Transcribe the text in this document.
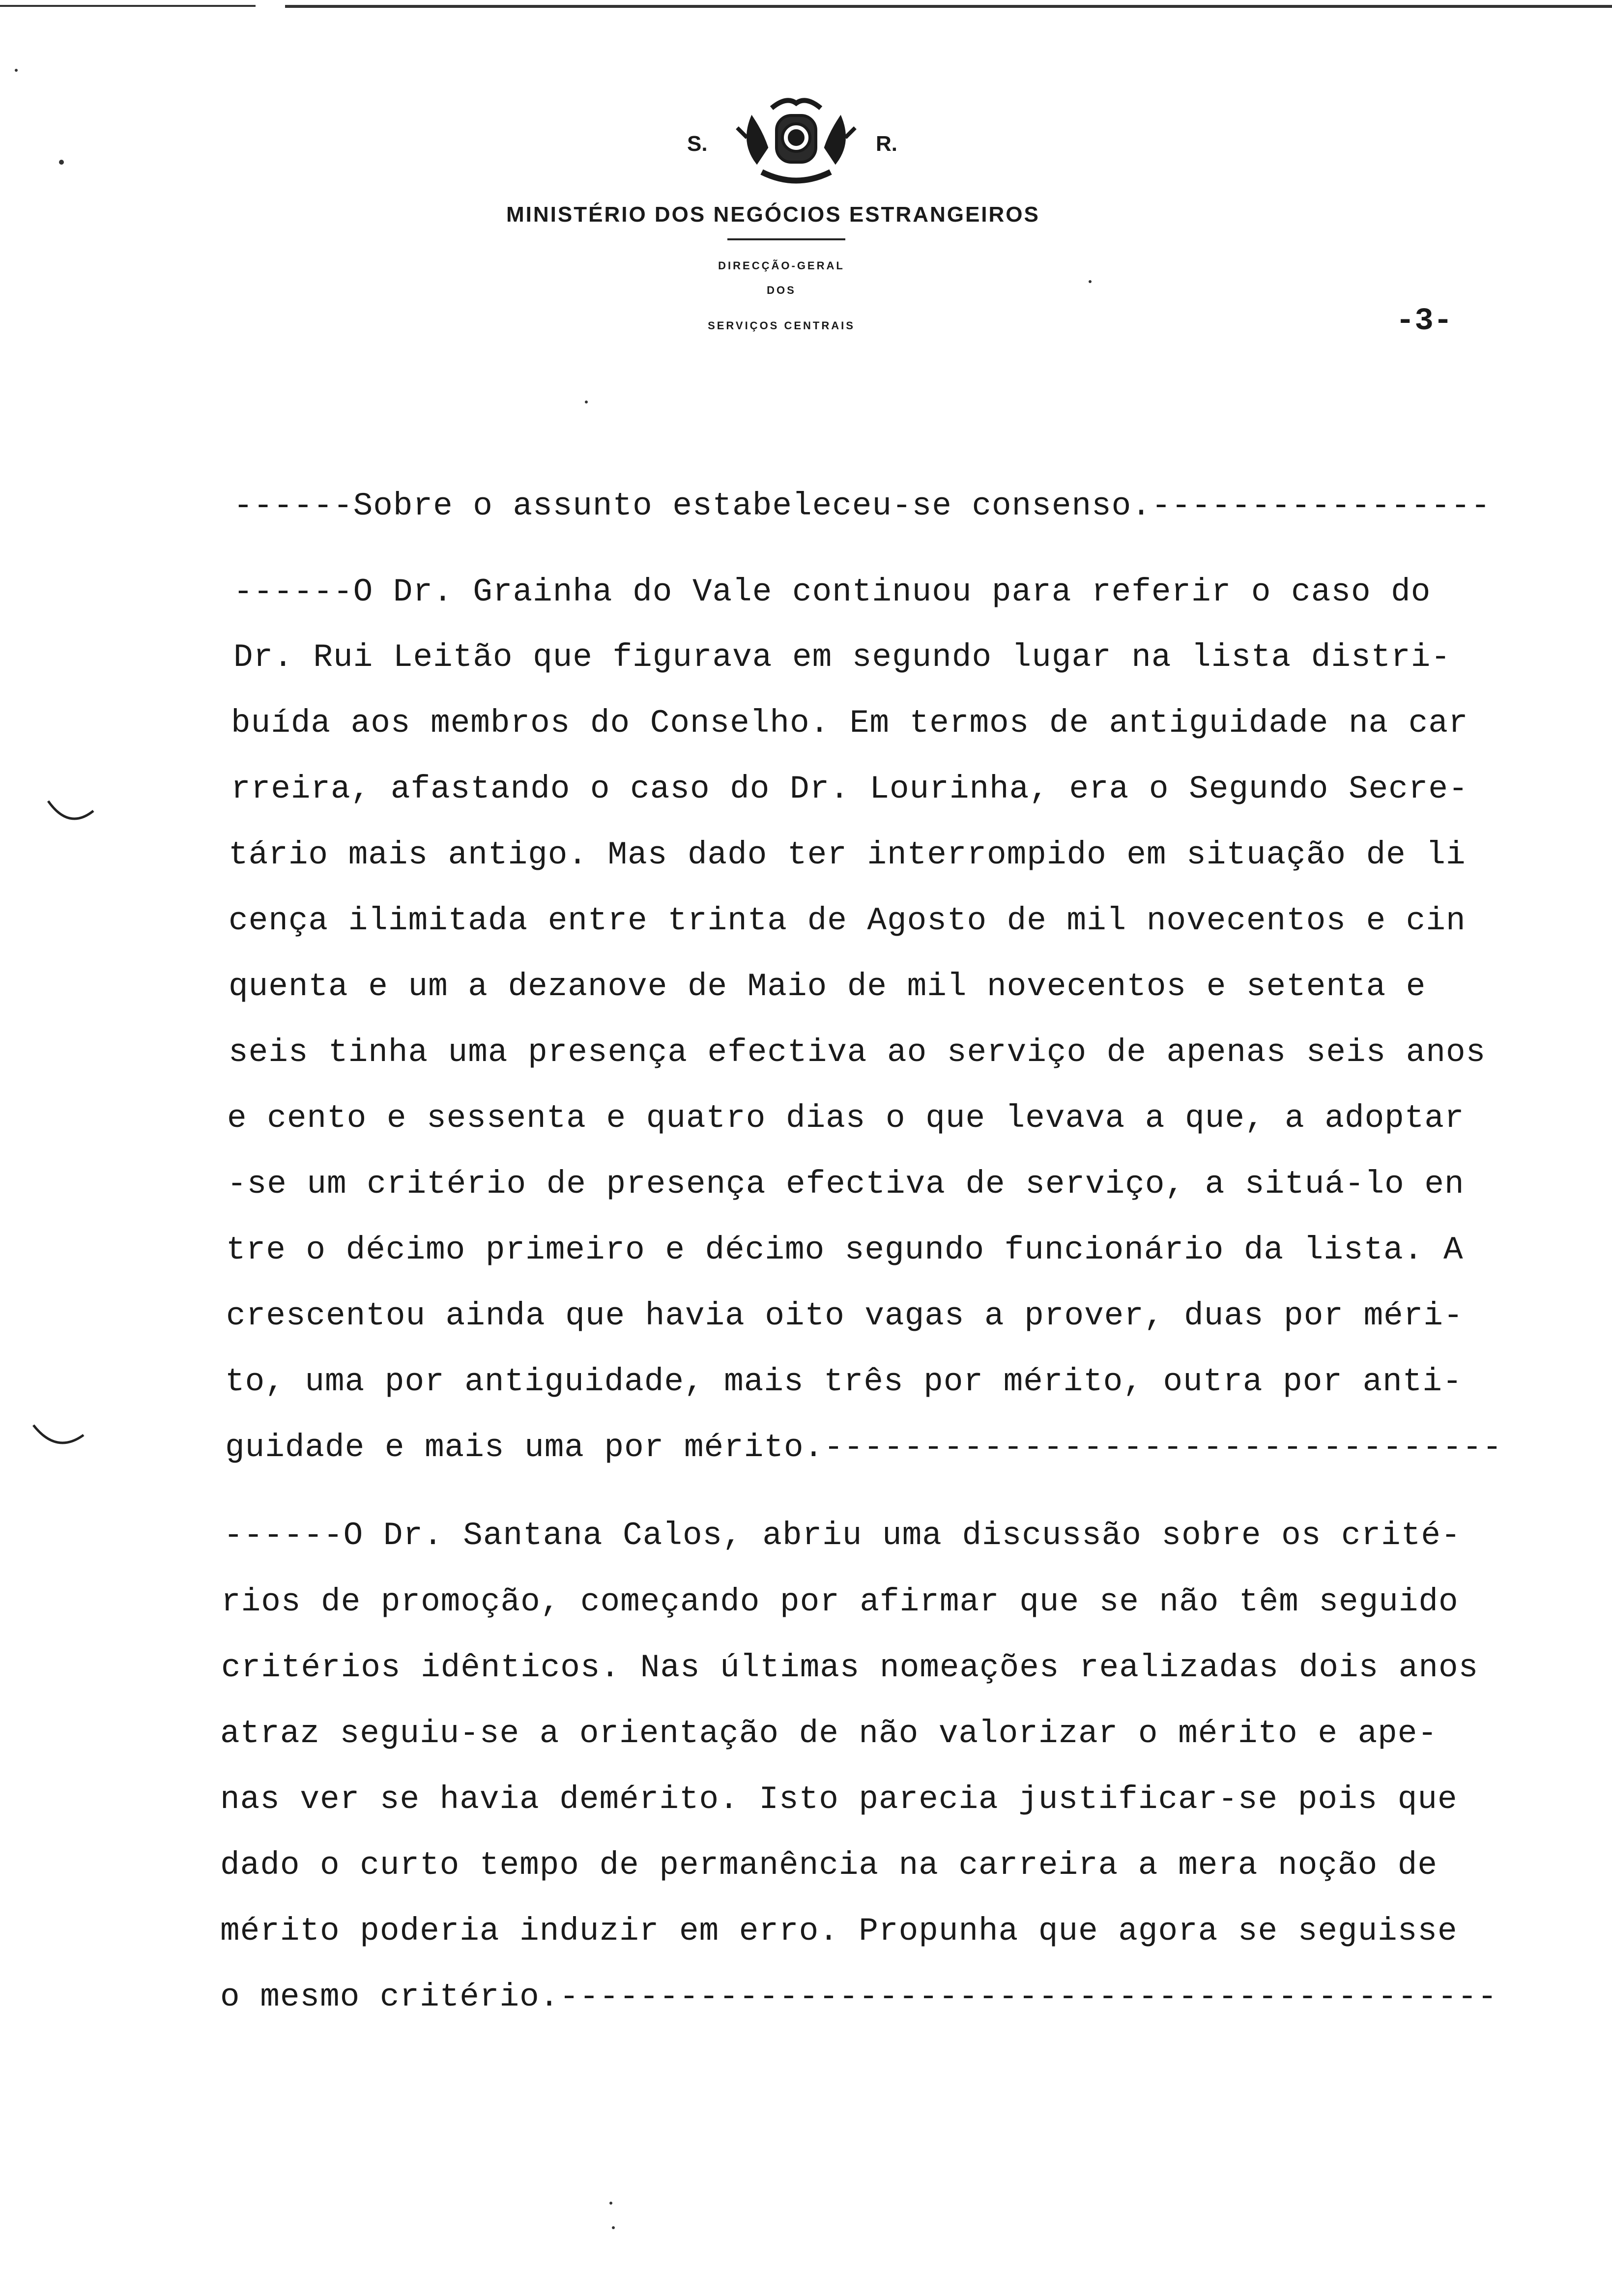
S.	R.
MINISTÉRIO DOS NEGÓCIOS ESTRANGEIROS
DIRECÇÃO-GERAL
DOS
SERVIÇOS CENTRAIS	-3-
------Sobre o assunto estabeleceu-se consenso.-----------------
------O Dr. Grainha do Vale continuou para referir o caso do
Dr. Rui Leitão que figurava em segundo lugar na lista distri-
buída aos membros do Conselho. Em termos de antiguidade na car
rreira, afastando o caso do Dr. Lourinha, era o Segundo Secre-
tário mais antigo. Mas dado ter interrompido em situação de li
cença ilimitada entre trinta de Agosto de mil novecentos e cin
quenta e um a dezanove de Maio de mil novecentos e setenta e
seis tinha uma presença efectiva ao serviço de apenas seis anos
e cento e sessenta e quatro dias o que levava a que, a adoptar
-se um critério de presença efectiva de serviço, a situá-lo en
tre o décimo primeiro e décimo segundo funcionário da lista. A
crescentou ainda que havia oito vagas a prover, duas por méri-
to, uma por antiguidade, mais três por mérito, outra por anti-
guidade e mais uma por mérito.----------------------------------
------O Dr. Santana Calos, abriu uma discussão sobre os crité-
rios de promoção, começando por afirmar que se não têm seguido
critérios idênticos. Nas últimas nomeações realizadas dois anos
atraz seguiu-se a orientação de não valorizar o mérito e ape-
nas ver se havia demérito. Isto parecia justificar-se pois que
dado o curto tempo de permanência na carreira a mera noção de
mérito poderia induzir em erro. Propunha que agora se seguisse
o mesmo critério.-----------------------------------------------
